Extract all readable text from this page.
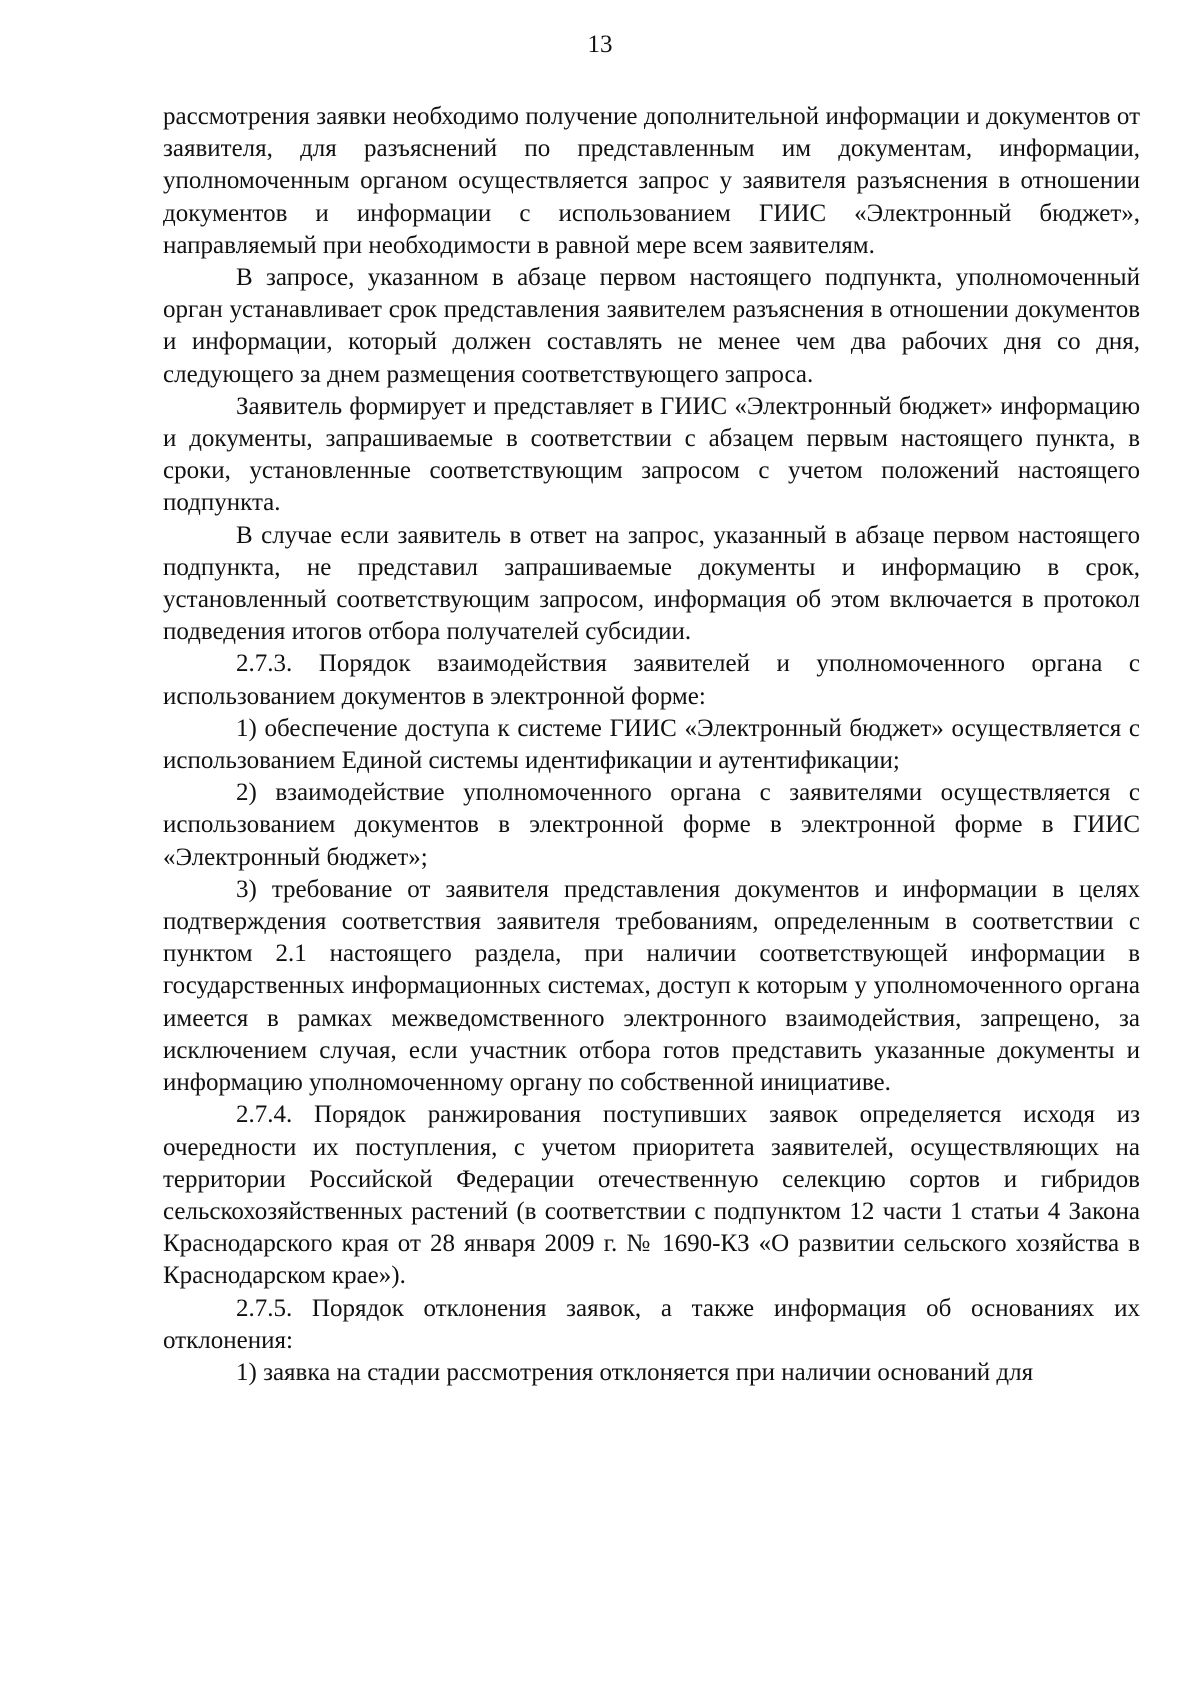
13

рассмотрения заявки необходимо получение дополнительной информации и документов от заявителя, для разъяснений по представленным им документам, информации, уполномоченным органом осуществляется запрос у заявителя разъяснения в отношении документов и информации с использованием ГИИС «Электронный бюджет», направляемый при необходимости в равной мере всем заявителям.

В запросе, указанном в абзаце первом настоящего подпункта, уполномоченный орган устанавливает срок представления заявителем разъяснения в отношении документов и информации, который должен составлять не менее чем два рабочих дня со дня, следующего за днем размещения соответствующего запроса.

Заявитель формирует и представляет в ГИИС «Электронный бюджет» информацию и документы, запрашиваемые в соответствии с абзацем первым настоящего пункта, в сроки, установленные соответствующим запросом с учетом положений настоящего подпункта.

В случае если заявитель в ответ на запрос, указанный в абзаце первом настоящего подпункта, не представил запрашиваемые документы и информацию в срок, установленный соответствующим запросом, информация об этом включается в протокол подведения итогов отбора получателей субсидии.

2.7.3. Порядок взаимодействия заявителей и уполномоченного органа с использованием документов в электронной форме:

1) обеспечение доступа к системе ГИИС «Электронный бюджет» осуществляется с использованием Единой системы идентификации и аутентификации;

2) взаимодействие уполномоченного органа с заявителями осуществляется с использованием документов в электронной форме в электронной форме в ГИИС «Электронный бюджет»;

3) требование от заявителя представления документов и информации в целях подтверждения соответствия заявителя требованиям, определенным в соответствии с пунктом 2.1 настоящего раздела, при наличии соответствующей информации в государственных информационных системах, доступ к которым у уполномоченного органа имеется в рамках межведомственного электронного взаимодействия, запрещено, за исключением случая, если участник отбора готов представить указанные документы и информацию уполномоченному органу по собственной инициативе.

2.7.4. Порядок ранжирования поступивших заявок определяется исходя из очередности их поступления, с учетом приоритета заявителей, осуществляющих на территории Российской Федерации отечественную селекцию сортов и гибридов сельскохозяйственных растений (в соответствии с подпунктом 12 части 1 статьи 4 Закона Краснодарского края от 28 января 2009 г. № 1690-КЗ «О развитии сельского хозяйства в Краснодарском крае»).

2.7.5. Порядок отклонения заявок, а также информация об основаниях их отклонения:

1) заявка на стадии рассмотрения отклоняется при наличии оснований для
